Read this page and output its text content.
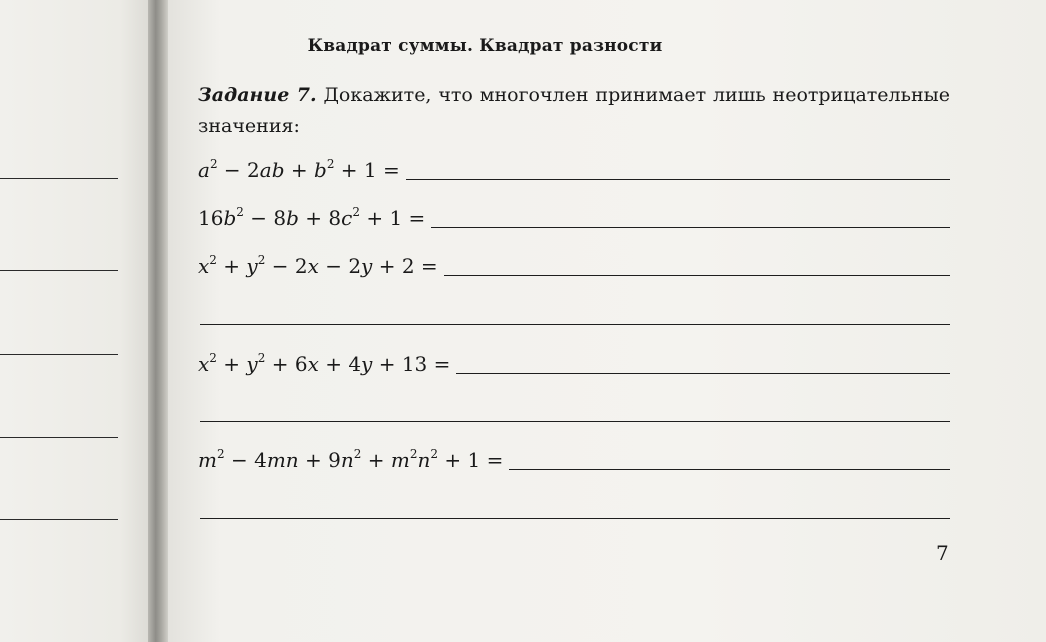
Квадрат суммы. Квадрат разности
Задание 7. Докажите, что многочлен принимает лишь неотрицательные значения:
$a^2 - 2ab + b^2 + 1$ =
$16b^2 - 8b + 8c^2 + 1$ =
$x^2 + y^2 - 2x - 2y + 2$ =
$x^2 + y^2 + 6x + 4y + 13$ =
$m^2 - 4mn + 9n^2 + m^2n^2 + 1$ =
7
